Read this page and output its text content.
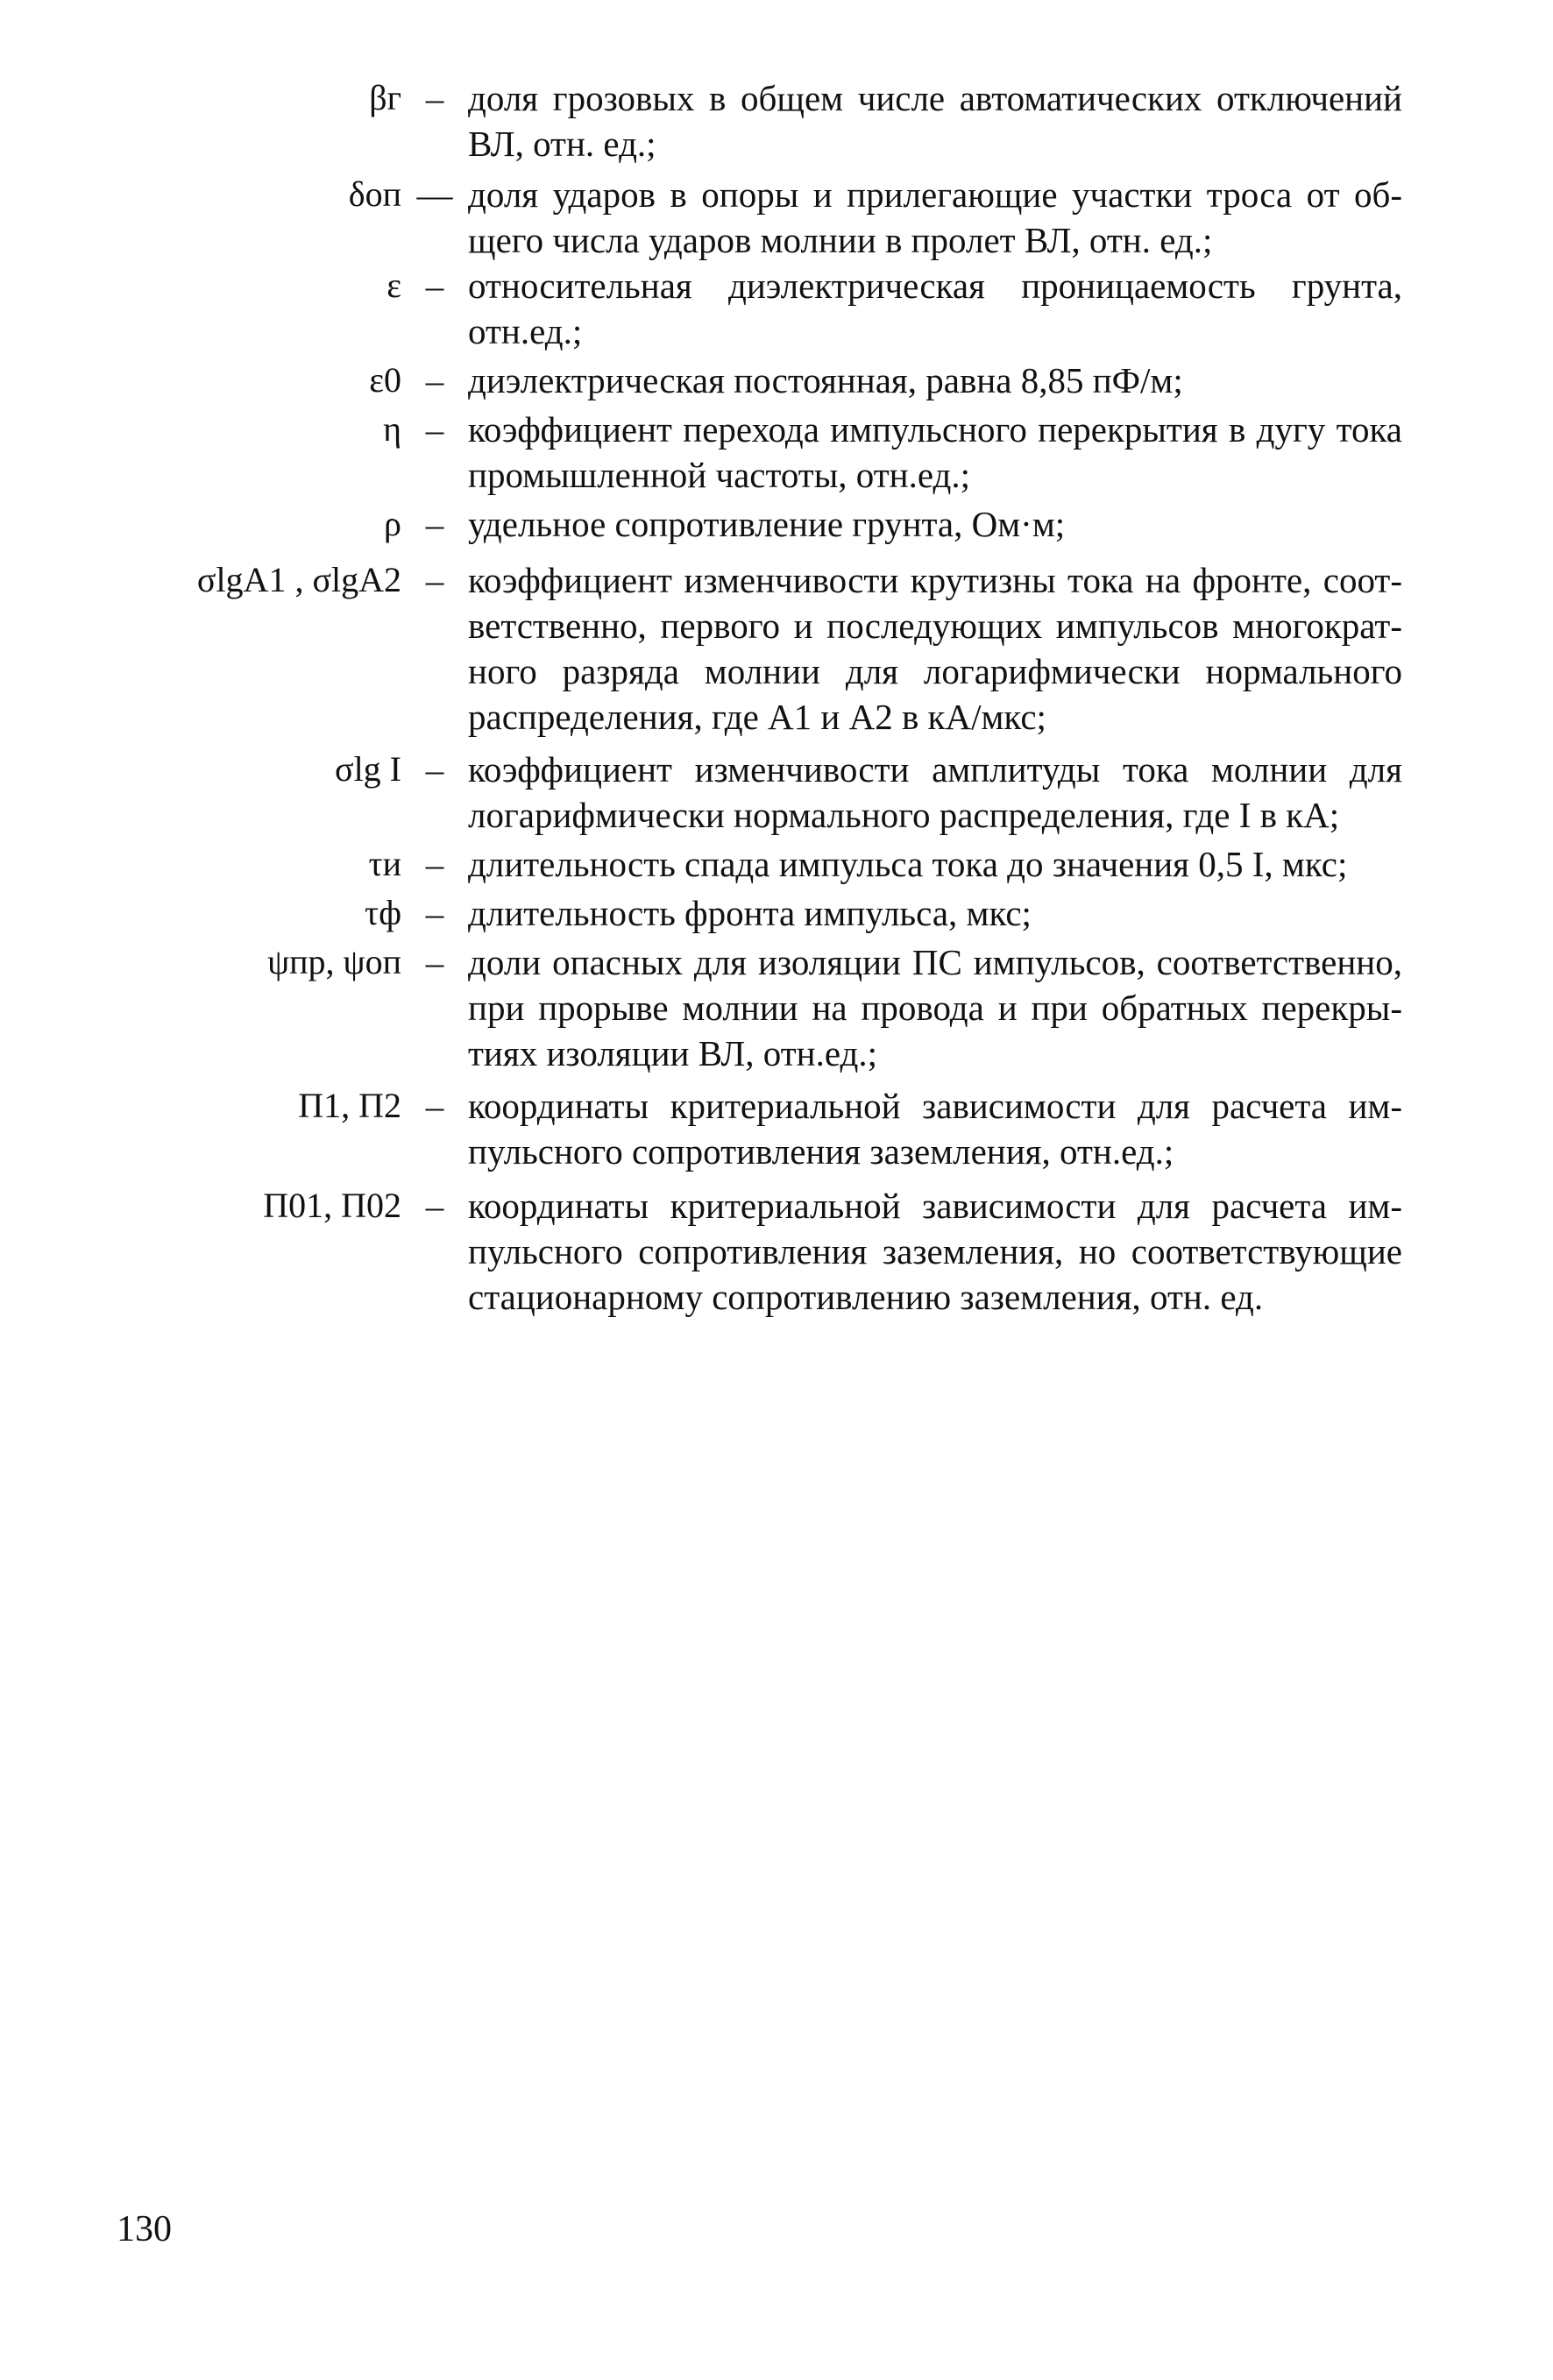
βг – доля грозовых в общем числе автоматических отключений
ВЛ, отн. ед.;
δоп — доля ударов в опоры и прилегающие участки троса от об-
щего числа ударов молнии в пролет ВЛ, отн. ед.;
ε – относительная диэлектрическая проницаемость грунта, отн.ед.;
ε0 – диэлектрическая постоянная, равна 8,85 пФ/м;
η – коэффициент перехода импульсного перекрытия в дугу тока
промышленной частоты, отн.ед.;
ρ – удельное сопротивление грунта, Ом·м;
σlgA1 , σlgA2 – коэффициент изменчивости крутизны тока на фронте, соот-
ветственно, первого и последующих импульсов многократ-
ного разряда молнии для логарифмически нормального
распределения, где A1 и A2 в кА/мкс;
σlg I – коэффициент изменчивости амплитуды тока молнии для
логарифмически нормального распределения, где I в кА;
τи – длительность спада импульса тока до значения 0,5 I, мкс;
τф – длительность фронта импульса, мкс;
ψпр, ψоп – доли опасных для изоляции ПС импульсов, соответственно,
при прорыве молнии на провода и при обратных перекры-
тиях изоляции ВЛ, отн.ед.;
П1, П2 – координаты критериальной зависимости для расчета им-
пульсного сопротивления заземления, отн.ед.;
П01, П02 – координаты критериальной зависимости для расчета им-
пульсного сопротивления заземления, но соответствующие
стационарному сопротивлению заземления, отн. ед.
130
